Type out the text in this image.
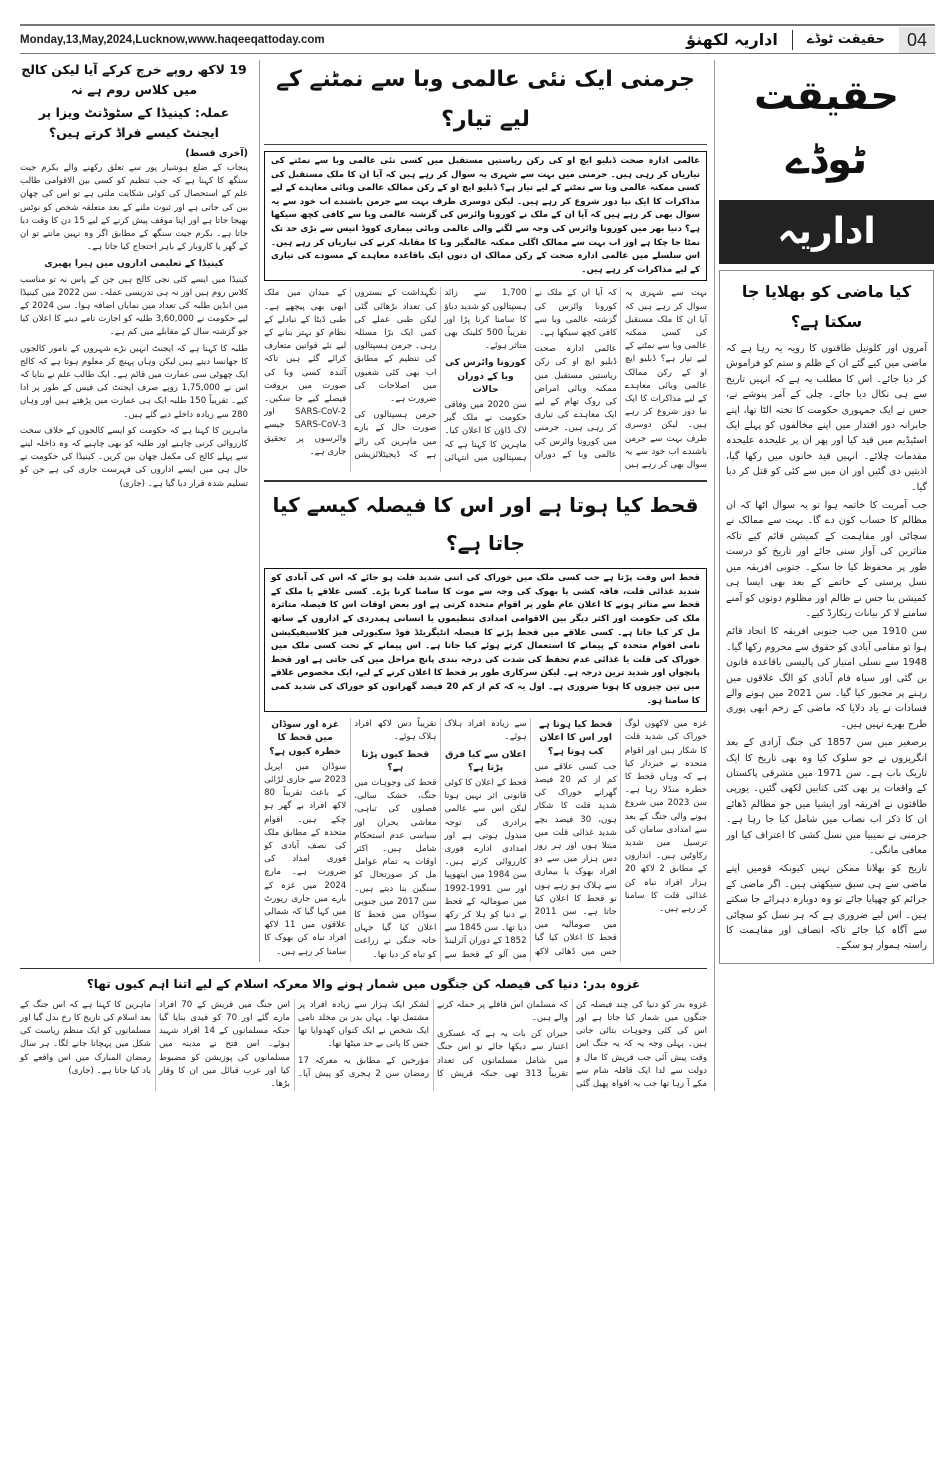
Monday,13,May,2024,Lucknow,www.haqeeqattoday.com	اداریہ لکھنؤ حقیقت ٹوڈے	04
19 لاکھ روپے خرچ کرکے آیا لیکن کالج میں کلاس روم ہے نہ
عملہ: کینیڈا کے سٹوڈنٹ ویزا پر ایجنٹ کیسے فراڈ کرتے ہیں؟
(آخری قسط)

پنجاب کے ضلع ہوشیار پور سے تعلق رکھنے والے بکرم جیت سنگھ کا کہنا ہے کہ جب تنظیم کو کسی بین الاقوامی طالب علم کے استحصال کی کوئی شکایت ملتی ہے تو اس کی چھان بین کی جاتی ہے اور ثبوت ملنے کے بعد متعلقہ شخص کو نوٹس بھیجا جاتا ہے اور اپنا موقف پیش کرنے کے لیے 15 دن کا وقت دیا جاتا ہے۔ بکرم جیت سنگھ کے مطابق اگر وہ نہیں مانتے تو ان کے گھر یا کاروبار کے باہر احتجاج کیا جاتا ہے۔

کینیڈا کے تعلیمی اداروں میں ہیرا پھیری

کینیڈا میں ایسے کئی نجی کالج ہیں جن کے پاس نہ تو مناسب کلاس روم ہیں اور نہ ہی تدریسی عملہ۔ سن 2022 میں کینیڈا میں انڈین طلبہ کی تعداد میں نمایاں اضافہ ہوا۔ سن 2024 کے لیے حکومت نے 3,60,000 طلبہ کو اجازت نامے دینے کا اعلان کیا جو گزشتہ سال کے مقابلے میں کم ہے۔

طلبہ کا کہنا ہے کہ ایجنٹ انہیں بڑے شہروں کے نامور کالجوں کا جھانسا دیتے ہیں لیکن وہاں پہنچ کر معلوم ہوتا ہے کہ کالج ایک چھوٹی سی عمارت میں قائم ہے۔ ایک طالب علم نے بتایا کہ اس نے 1,75,000 روپے صرف ایجنٹ کی فیس کے طور پر ادا کیے۔ تقریباً 150 طلبہ ایک ہی عمارت میں پڑھتے ہیں اور وہاں 280 سے زیادہ داخلے دیے گئے ہیں۔

ماہرین کا کہنا ہے کہ حکومت کو ایسے کالجوں کے خلاف سخت کارروائی کرنی چاہیے اور طلبہ کو بھی چاہیے کہ وہ داخلہ لینے سے پہلے کالج کی مکمل چھان بین کریں۔ کینیڈا کی حکومت نے حال ہی میں ایسے اداروں کی فہرست جاری کی ہے جن کو تسلیم شدہ قرار دیا گیا ہے۔ (جاری)

جرمنی ایک نئی عالمی وبا سے نمٹنے کے لیے تیار؟
عالمی ادارہ صحت ڈبلیو ایچ او کی رکن ریاستیں مستقبل میں کسی نئی عالمی وبا سے نمٹنے کی تیاریاں کر رہی ہیں۔ جرمنی میں بہت سے شہری یہ سوال کر رہے ہیں کہ آیا ان کا ملک مستقبل کی کسی ممکنہ عالمی وبا سے نمٹنے کے لیے تیار ہے؟ ڈبلیو ایچ او کے رکن ممالک عالمی وبائی معاہدے کے لیے مذاکرات کا ایک نیا دور شروع کر رہے ہیں۔ لیکن دوسری طرف بہت سے جرمن باشندے اب خود سے یہ سوال بھی کر رہے ہیں کہ آیا ان کے ملک نے کورونا وائرس کی گزشتہ عالمی وبا سے کافی کچھ سیکھا ہے؟ دنیا بھر میں کورونا وائرس کی وجہ سے لگنے والی عالمی وبائی بیماری کووڈ انیس سے بڑی حد تک نمٹا جا چکا ہے اور اب بہت سے ممالک اگلی ممکنہ عالمگیر وبا کا مقابلہ کرنے کی تیاریاں کر رہے ہیں۔ اس سلسلے میں عالمی ادارہ صحت کے رکن ممالک ان دنوں ایک باقاعدہ معاہدے کے مسودے کی تیاری کے لیے مذاکرات کر رہے ہیں۔

بہت سے شہری یہ سوال کر رہے ہیں کہ آیا ان کا ملک مستقبل کی کسی ممکنہ عالمی وبا سے نمٹنے کے لیے تیار ہے؟ ڈبلیو ایچ او کے رکن ممالک عالمی وبائی معاہدے کے لیے مذاکرات کا ایک نیا دور شروع کر رہے ہیں۔ لیکن دوسری طرف بہت سے جرمن باشندے اب خود سے یہ سوال بھی کر رہے ہیں کہ آیا ان کے ملک نے کورونا وائرس کی گزشتہ عالمی وبا سے کافی کچھ سیکھا ہے۔

عالمی ادارہ صحت ڈبلیو ایچ او کی رکن ریاستیں مستقبل میں ممکنہ وبائی امراض کی روک تھام کے لیے ایک معاہدے کی تیاری کر رہی ہیں۔ جرمنی میں کورونا وائرس کی عالمی وبا کے دوران 1,700 سے زائد ہسپتالوں کو شدید دباؤ کا سامنا کرنا پڑا اور تقریباً 500 کلینک بھی متاثر ہوئے۔

کورونا وائرس کی وبا کے دوران حالات

سن 2020 میں وفاقی حکومت نے ملک گیر لاک ڈاؤن کا اعلان کیا۔ ماہرین کا کہنا ہے کہ ہسپتالوں میں انتہائی نگہداشت کے بستروں کی تعداد بڑھائی گئی لیکن طبی عملے کی کمی ایک بڑا مسئلہ رہی۔ جرمن ہسپتالوں کی تنظیم کے مطابق اب بھی کئی شعبوں میں اصلاحات کی ضرورت ہے۔

جرمن ہسپتالوں کی صورت حال کے بارے میں ماہرین کی رائے ہے کہ ڈیجیٹلائزیشن کے میدان میں ملک ابھی بھی پیچھے ہے۔ طبی ڈیٹا کے تبادلے کے نظام کو بہتر بنانے کے لیے نئے قوانین متعارف کرائے گئے ہیں تاکہ آئندہ کسی وبا کی صورت میں بروقت فیصلے کیے جا سکیں۔ SARS-CoV-2 اور SARS-CoV-3 جیسے وائرسوں پر تحقیق جاری ہے۔

قحط کیا ہوتا ہے اور اس کا فیصلہ کیسے کیا جاتا ہے؟
قحط اس وقت پڑتا ہے جب کسی ملک میں خوراک کی اتنی شدید قلت ہو جائے کہ اس کی آبادی کو شدید غذائی قلت، فاقہ کشی یا بھوک کی وجہ سے موت کا سامنا کرنا پڑے۔ کسی علاقے یا ملک کے قحط سے متاثر ہونے کا اعلان عام طور پر اقوام متحدہ کرتی ہے اور بعض اوقات اس کا فیصلہ متاثرہ ملک کی حکومت اور اکثر دیگر بین الاقوامی امدادی تنظیموں یا انسانی ہمدردی کے اداروں کے ساتھ مل کر کیا جاتا ہے۔ کسی علاقے میں قحط پڑنے کا فیصلہ انٹیگریٹڈ فوڈ سکیورٹی فیز کلاسیفیکیشن نامی اقوام متحدہ کے پیمانے کا استعمال کرتے ہوئے کیا جاتا ہے۔ اس پیمانے کے تحت کسی ملک میں خوراک کی قلت یا غذائی عدم تحفظ کی شدت کی درجہ بندی پانچ مراحل میں کی جاتی ہے اور قحط پانچواں اور شدید ترین درجہ ہے۔ لیکن سرکاری طور پر قحط کا اعلان کرنے کے لیے، ایک مخصوص علاقے میں تین چیزوں کا ہونا ضروری ہے۔ اول یہ کہ کم از کم 20 فیصد گھرانوں کو خوراک کی شدید کمی کا سامنا ہو۔

غزہ میں لاکھوں لوگ خوراک کی شدید قلت کا شکار ہیں اور اقوام متحدہ نے خبردار کیا ہے کہ وہاں قحط کا خطرہ منڈلا رہا ہے۔ سن 2023 میں شروع ہونے والی جنگ کے بعد سے امدادی سامان کی ترسیل میں شدید رکاوٹیں ہیں۔ اندازوں کے مطابق 2 لاکھ 20 ہزار افراد تباہ کن غذائی قلت کا سامنا کر رہے ہیں۔

قحط کیا ہوتا ہے اور اس کا اعلان کب ہوتا ہے؟

جب کسی علاقے میں کم از کم 20 فیصد گھرانے خوراک کی شدید قلت کا شکار ہوں، 30 فیصد بچے شدید غذائی قلت میں مبتلا ہوں اور ہر روز دس ہزار میں سے دو افراد بھوک یا بیماری سے ہلاک ہو رہے ہوں تو قحط کا اعلان کیا جاتا ہے۔ سن 2011 میں صومالیہ میں قحط کا اعلان کیا گیا جس میں ڈھائی لاکھ سے زیادہ افراد ہلاک ہوئے۔

اعلان سے کیا فرق پڑتا ہے؟

قحط کے اعلان کا کوئی قانونی اثر نہیں ہوتا لیکن اس سے عالمی برادری کی توجہ مبذول ہوتی ہے اور امدادی ادارے فوری کارروائی کرتے ہیں۔ سن 1984 میں ایتھوپیا اور سن 1991-1992 میں صومالیہ کے قحط نے دنیا کو ہلا کر رکھ دیا تھا۔ سن 1845 سے 1852 کے دوران آئرلینڈ میں آلو کے قحط سے تقریباً دس لاکھ افراد ہلاک ہوئے۔

قحط کیوں پڑتا ہے؟

قحط کی وجوہات میں جنگ، خشک سالی، فصلوں کی تباہی، معاشی بحران اور سیاسی عدم استحکام شامل ہیں۔ اکثر اوقات یہ تمام عوامل مل کر صورتحال کو سنگین بنا دیتے ہیں۔ سن 2017 میں جنوبی سوڈان میں قحط کا اعلان کیا گیا جہاں خانہ جنگی نے زراعت کو تباہ کر دیا تھا۔

غزہ اور سوڈان میں قحط کا خطرہ کیوں ہے؟

سوڈان میں اپریل 2023 سے جاری لڑائی کے باعث تقریباً 80 لاکھ افراد بے گھر ہو چکے ہیں۔ اقوام متحدہ کے مطابق ملک کی نصف آبادی کو فوری امداد کی ضرورت ہے۔ مارچ 2024 میں غزہ کے بارے میں جاری رپورٹ میں کہا گیا کہ شمالی علاقوں میں 11 لاکھ افراد تباہ کن بھوک کا سامنا کر رہے ہیں۔

حقیقت ٹوڈے
اداریہ
کیا ماضی کو بھلایا جا سکتا ہے؟

آمروں اور کلونیل طاقتوں کا رویہ یہ رہا ہے کہ ماضی میں کیے گئے ان کے ظلم و ستم کو فراموش کر دیا جائے۔ اس کا مطلب یہ ہے کہ انہیں تاریخ سے ہی نکال دیا جائے۔ چلی کے آمر پنوشے نے، جس نے ایک جمہوری حکومت کا تختہ الٹا تھا، اپنے جابرانہ دور اقتدار میں اپنے مخالفوں کو پہلے ایک اسٹیڈیم میں قید کیا اور پھر ان پر علیحدہ علیحدہ مقدمات چلائے۔ انہیں قید خانوں میں رکھا گیا، اذیتیں دی گئیں اور ان میں سے کئی کو قتل کر دیا گیا۔

جب آمریت کا خاتمہ ہوا تو یہ سوال اٹھا کہ ان مظالم کا حساب کون دے گا۔ بہت سے ممالک نے سچائی اور مفاہمت کے کمیشن قائم کیے تاکہ متاثرین کی آواز سنی جائے اور تاریخ کو درست طور پر محفوظ کیا جا سکے۔ جنوبی افریقہ میں نسل پرستی کے خاتمے کے بعد بھی ایسا ہی کمیشن بنا جس نے ظالم اور مظلوم دونوں کو آمنے سامنے لا کر بیانات ریکارڈ کیے۔

سن 1910 میں جب جنوبی افریقہ کا اتحاد قائم ہوا تو مقامی آبادی کو حقوق سے محروم رکھا گیا۔ 1948 سے نسلی امتیاز کی پالیسی باقاعدہ قانون بن گئی اور سیاہ فام آبادی کو الگ علاقوں میں رہنے پر مجبور کیا گیا۔ سن 2021 میں ہونے والے فسادات نے یاد دلایا کہ ماضی کے زخم ابھی پوری طرح بھرے نہیں ہیں۔

برصغیر میں سن 1857 کی جنگ آزادی کے بعد انگریزوں نے جو سلوک کیا وہ بھی تاریخ کا ایک تاریک باب ہے۔ سن 1971 میں مشرقی پاکستان کے واقعات پر بھی کئی کتابیں لکھی گئیں۔ یورپی طاقتوں نے افریقہ اور ایشیا میں جو مظالم ڈھائے ان کا ذکر اب نصاب میں شامل کیا جا رہا ہے۔ جرمنی نے نمیبیا میں نسل کشی کا اعتراف کیا اور معافی مانگی۔

تاریخ کو بھلانا ممکن نہیں کیونکہ قومیں اپنے ماضی سے ہی سبق سیکھتی ہیں۔ اگر ماضی کے جرائم کو چھپایا جائے تو وہ دوبارہ دہرائے جا سکتے ہیں۔ اس لیے ضروری ہے کہ ہر نسل کو سچائی سے آگاہ کیا جائے تاکہ انصاف اور مفاہمت کا راستہ ہموار ہو سکے۔

غزوہ بدر: دنیا کی فیصلہ کن جنگوں میں شمار ہونے والا معرکہ اسلام کے لیے اتنا اہم کیوں تھا؟

غزوہ بدر کو دنیا کی چند فیصلہ کن جنگوں میں شمار کیا جاتا ہے اور اس کی کئی وجوہات بتائی جاتی ہیں۔ پہلی وجہ یہ کہ یہ جنگ اس وقت پیش آئی جب قریش کا مال و دولت سے لدا ایک قافلہ شام سے مکے آ رہا تھا جب یہ افواہ پھیل گئی کہ مسلمان اس قافلے پر حملہ کرنے والے ہیں۔

حیران کن بات یہ ہے کہ عسکری اعتبار سے دیکھا جائے تو اس جنگ میں شامل مسلمانوں کی تعداد تقریباً 313 تھی جبکہ قریش کا لشکر ایک ہزار سے زیادہ افراد پر مشتمل تھا۔ یہاں بدر بن مخلد نامی ایک شخص نے ایک کنواں کھدوایا تھا جس کا پانی بے حد میٹھا تھا۔

مؤرخین کے مطابق یہ معرکہ 17 رمضان سن 2 ہجری کو پیش آیا۔ اس جنگ میں قریش کے 70 افراد مارے گئے اور 70 کو قیدی بنایا گیا جبکہ مسلمانوں کے 14 افراد شہید ہوئے۔ اس فتح نے مدینہ میں مسلمانوں کی پوزیشن کو مضبوط کیا اور عرب قبائل میں ان کا وقار بڑھا۔

ماہرین کا کہنا ہے کہ اس جنگ کے بعد اسلام کی تاریخ کا رخ بدل گیا اور مسلمانوں کو ایک منظم ریاست کی شکل میں پہچانا جانے لگا۔ ہر سال رمضان المبارک میں اس واقعے کو یاد کیا جاتا ہے۔ (جاری)
